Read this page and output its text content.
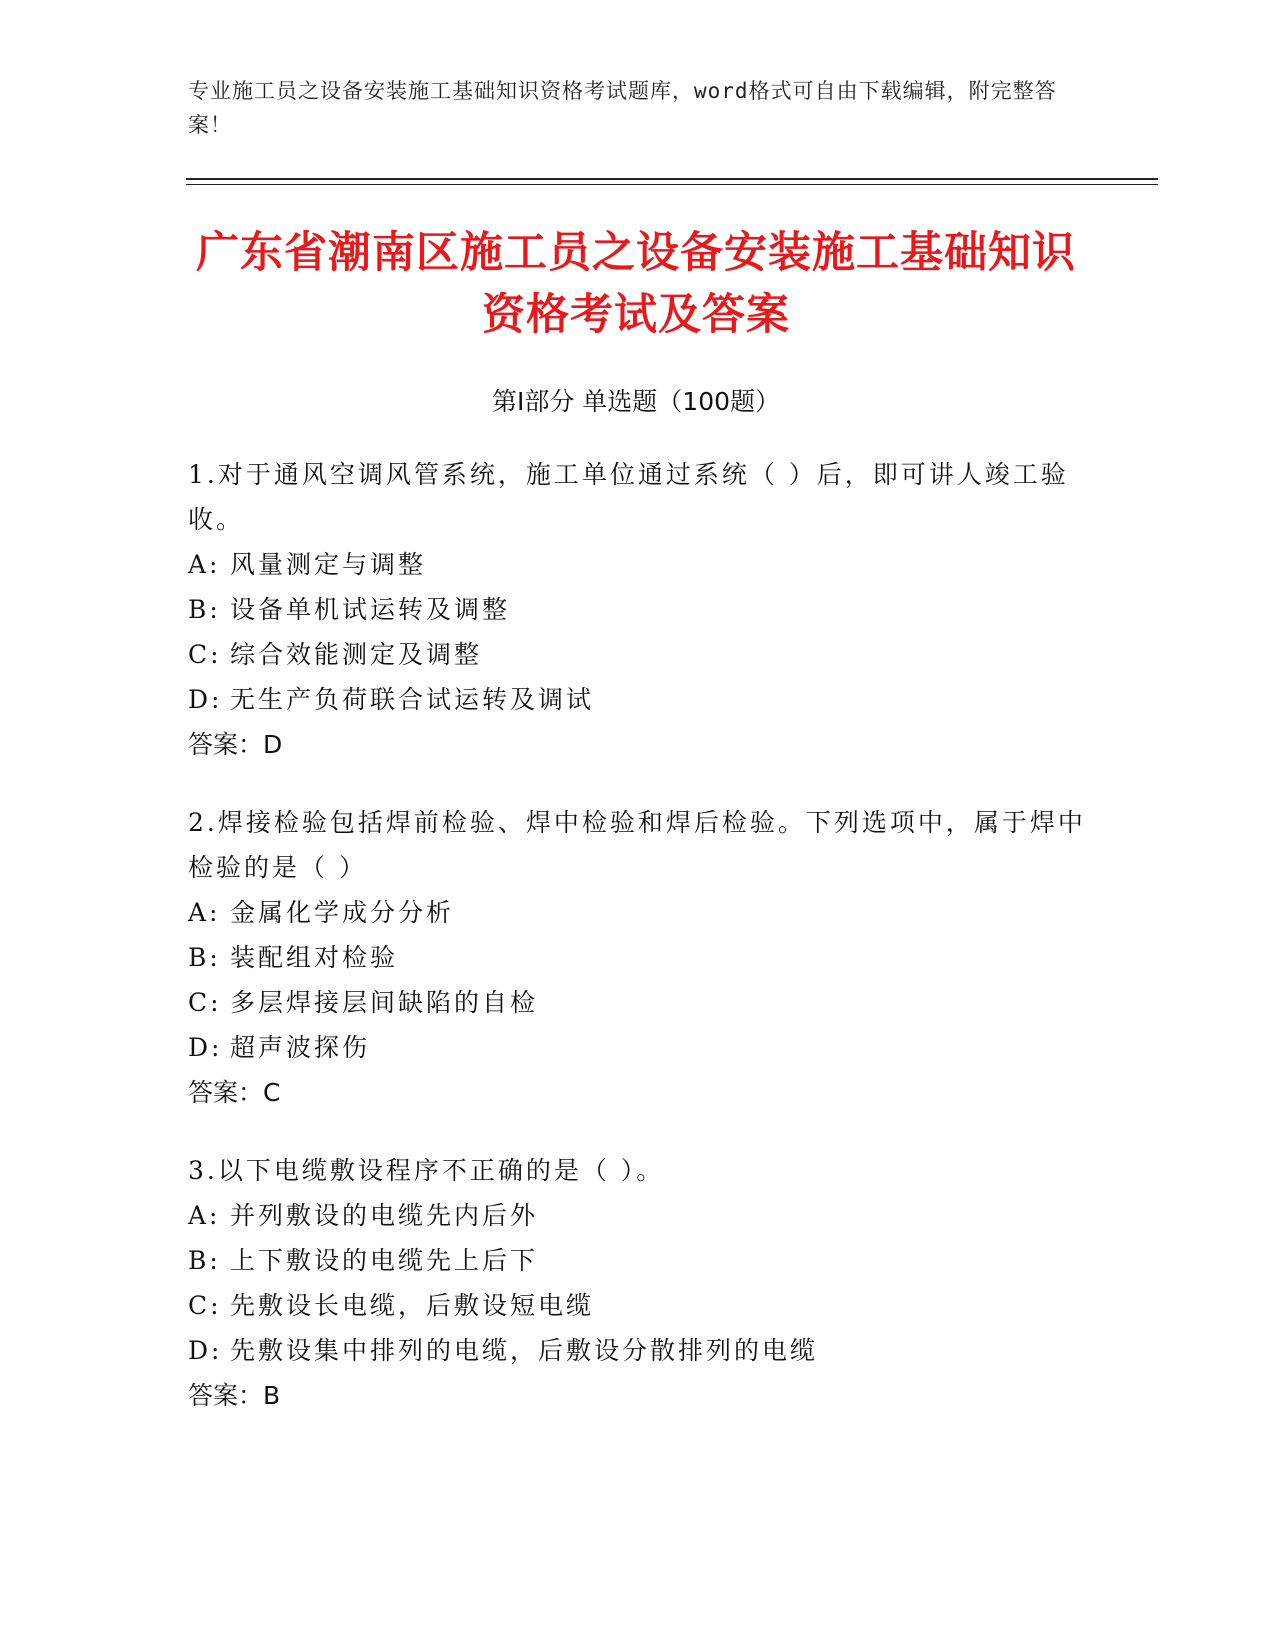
专业施工员之设备安装施工基础知识资格考试题库，word格式可自由下载编辑，附完整答案！
广东省潮南区施工员之设备安装施工基础知识资格考试及答案
第Ⅰ部分 单选题（100题）
1.对于通风空调风管系统，施工单位通过系统（ ）后，即可讲人竣工验收。
A: 风量测定与调整
B: 设备单机试运转及调整
C: 综合效能测定及调整
D: 无生产负荷联合试运转及调试
答案：D
2.焊接检验包括焊前检验、焊中检验和焊后检验。下列选项中，属于焊中检验的是（ ）
A: 金属化学成分分析
B: 装配组对检验
C: 多层焊接层间缺陷的自检
D: 超声波探伤
答案：C
3.以下电缆敷设程序不正确的是（ ）。
A: 并列敷设的电缆先内后外
B: 上下敷设的电缆先上后下
C: 先敷设长电缆，后敷设短电缆
D: 先敷设集中排列的电缆，后敷设分散排列的电缆
答案：B
